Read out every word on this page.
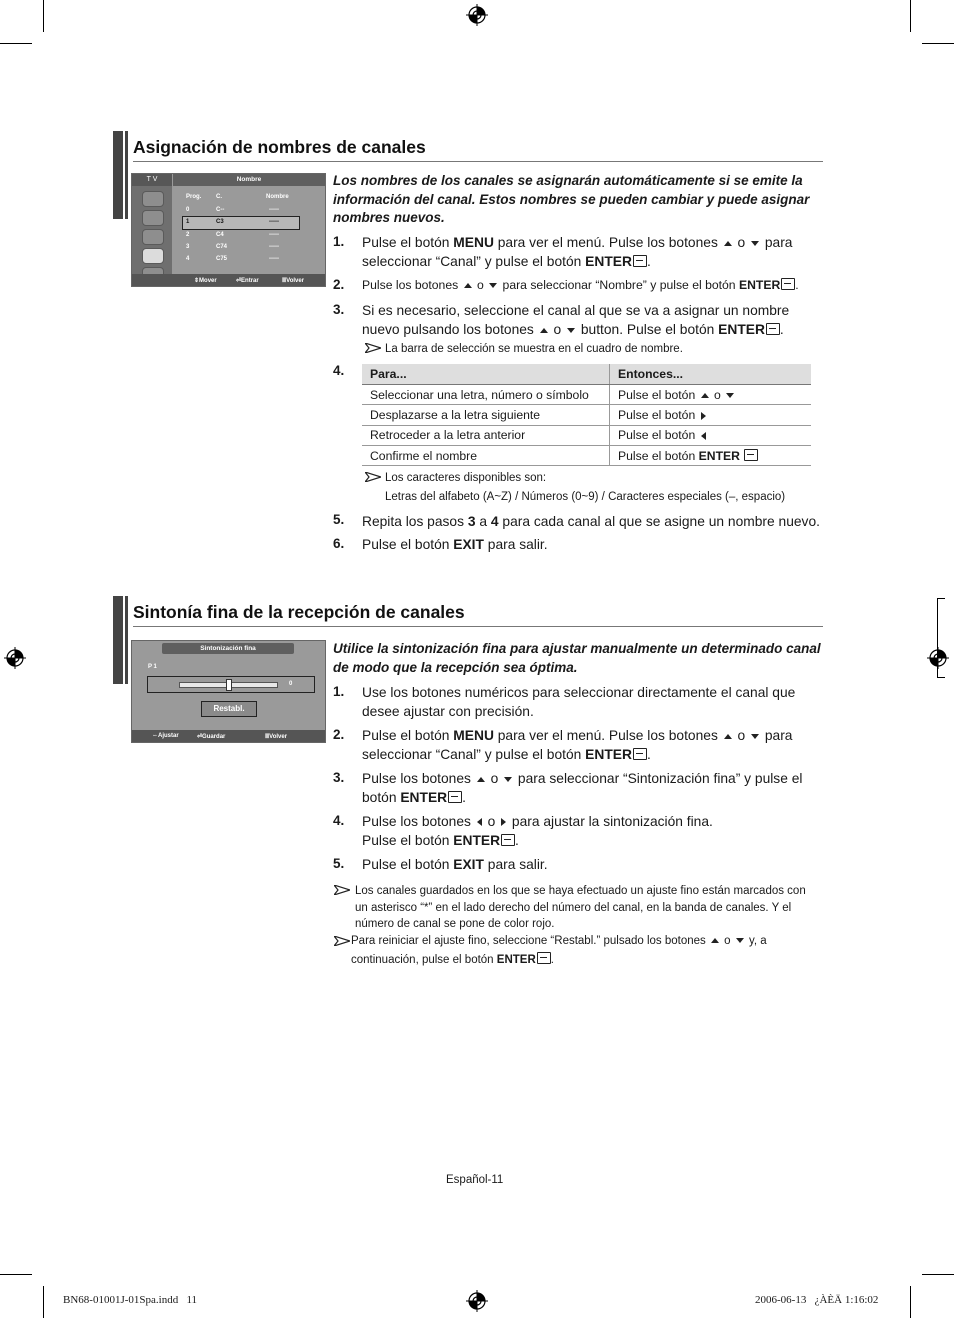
Asignación de nombres de canales
T V	Nombre
Prog. C.	Nombre
0	C--	-----
1	C3	-----
2	C4	-----
3	C74	-----
4	C75	-----
⇕Mover	⏎Entrar	ⅢVolver
Los nombres de los canales se asignarán automáticamente si se emite la información del canal. Estos nombres se pueden cambiar y puede asignar nombres nuevos.
1. Pulse el botón MENU para ver el menú. Pulse los botones  o  para seleccionar “Canal” y pulse el botón ENTER .
2. Pulse los botones  o  para seleccionar “Nombre” y pulse el botón ENTER .
3. Si es necesario, seleccione el canal al que se va a asignar un nombre nuevo pulsando los botones  o  button. Pulse el botón ENTER .
La barra de selección se muestra en el cuadro de nombre.
4. Para...	Entonces...
Seleccionar una letra, número o símbolo	Pulse el botón  o
Desplazarse a la letra siguiente	Pulse el botón
Retroceder a la letra anterior	Pulse el botón
Confirme el nombre	Pulse el botón ENTER
Los caracteres disponibles son:
Letras del alfabeto (A~Z) / Números (0~9) / Caracteres especiales (–, espacio)
5. Repita los pasos 3 a 4 para cada canal al que se asigne un nombre nuevo.
6. Pulse el botón EXIT para salir.
Sintonía fina de la recepción de canales
Sintonización fina
P 1
0
Restabl.
⇔Ajustar	⏎Guardar	ⅢVolver
Utilice la sintonización fina para ajustar manualmente un determinado canal de modo que la recepción sea óptima.
1. Use los botones numéricos para seleccionar directamente el canal que desee ajustar con precisión.
2. Pulse el botón MENU para ver el menú. Pulse los botones  o  para seleccionar “Canal” y pulse el botón ENTER .
3. Pulse los botones  o  para seleccionar “Sintonización fina” y pulse el botón ENTER .
4. Pulse los botones  o  para ajustar la sintonización fina.
Pulse el botón ENTER .
5. Pulse el botón EXIT para salir.
Los canales guardados en los que se haya efectuado un ajuste fino están marcados con un asterisco “*” en el lado derecho del número del canal, en la banda de canales. Y el número de canal se pone de color rojo.
Para reiniciar el ajuste fino, seleccione “Restabl.” pulsado los botones  o  y, a
continuación, pulse el botón ENTER .
Español-11
BN68-01001J-01Spa.indd   11	2006-06-13   ¿ÀÈÄ 1:16:02
